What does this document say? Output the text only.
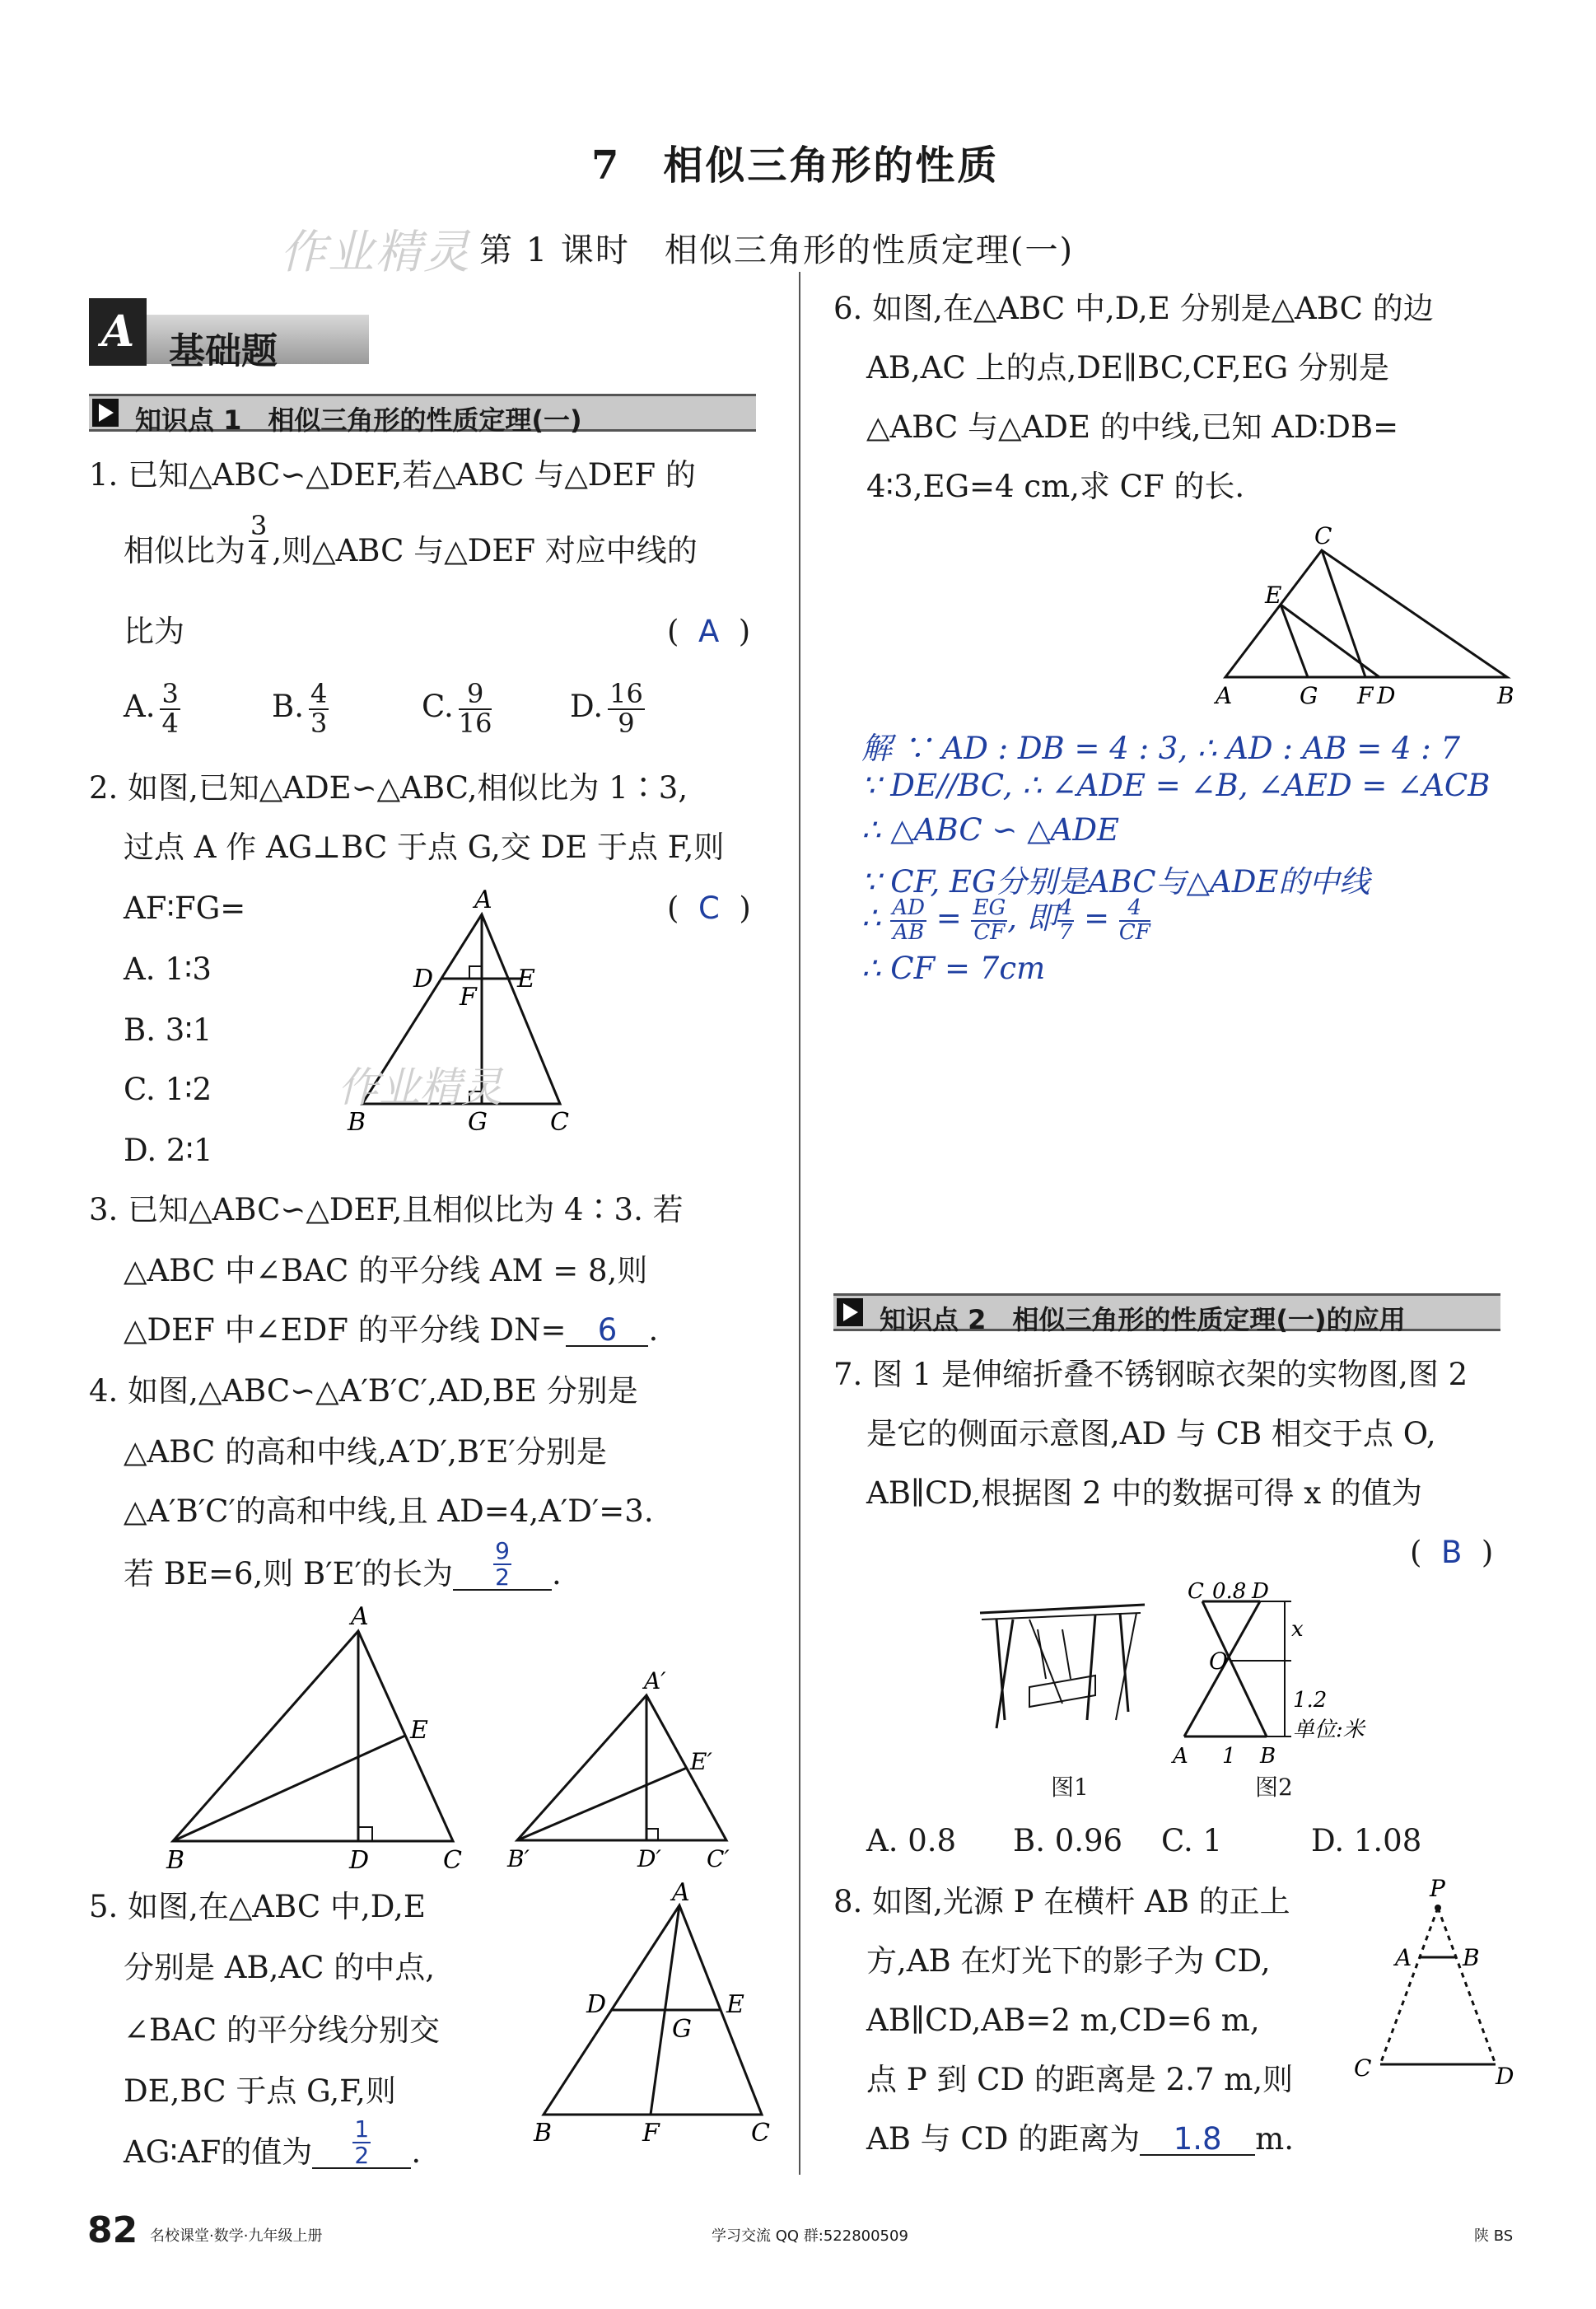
7　相似三角形的性质
作业精灵 第 1 课时　相似三角形的性质定理(一)
A 基础题
知识点 1　相似三角形的性质定理(一)
1. 已知△ABC∽△DEF,若△ABC 与△DEF 的
相似比为 $\frac{3}{4}$ ,则△ABC 与△DEF 对应中线的
比为	(  A  )
A. $\frac{3}{4}$	B. $\frac{4}{3}$	C. $\frac{9}{16}$	D. $\frac{16}{9}$
2. 如图,已知△ADE∽△ABC,相似比为 1∶3,
过点 A 作 AG⊥BC 于点 G,交 DE 于点 F,则
AF∶FG=	(  C  )
A. 1∶3
B. 3∶1
C. 1∶2
D. 2∶1
A
D	E
F
B	G	C
作业精灵
3. 已知△ABC∽△DEF,且相似比为 4∶3. 若
△ABC 中∠BAC 的平分线 AM = 8,则
△DEF 中∠EDF 的平分线 DN= 6 .
4. 如图,△ABC∽△A′B′C′,AD,BE 分别是
△ABC 的高和中线,A′D′,B′E′分别是
△A′B′C′的高和中线,且 AD=4,A′D′=3.
若 BE=6,则 B′E′的长为 $\frac{9}{2}$ .
A
E
B	D	C
A′
E′
B′	D′ C′
5. 如图,在△ABC 中,D,E
分别是 AB,AC 的中点,
∠BAC 的平分线分别交
DE,BC 于点 G,F,则
AG∶AF的值为 $\frac{1}{2}$ .
A
D	E
G
B	F	C
6. 如图,在△ABC 中,D,E 分别是△ABC 的边
AB,AC 上的点,DE∥BC,CF,EG 分别是
△ABC 与△ADE 的中线,已知 AD∶DB=
4∶3,EG=4 cm,求 CF 的长.
C
E
A	G F D	B
解 ∵ AD : DB = 4 : 3, ∴ AD : AB = 4 : 7
∵ DE//BC, ∴ ∠ADE = ∠B, ∠AED = ∠ACB
∴ △ABC ∽ △ADE
∵ CF, EG分别是ABC与△ADE的中线
∴ $\frac{AD}{AB} = \frac{EG}{CF}$ , 即 $\frac{4}{7} = \frac{4}{CF}$
∴ CF = 7cm
知识点 2　相似三角形的性质定理(一)的应用
7. 图 1 是伸缩折叠不锈钢晾衣架的实物图,图 2
是它的侧面示意图,AD 与 CB 相交于点 O,
AB∥CD,根据图 2 中的数据可得 x 的值为
(  B  )
C 0.8 D
O
x
1.2
单位:米
A 1 B
图1	图2
A. 0.8 B. 0.96 C. 1	D. 1.08
8. 如图,光源 P 在横杆 AB 的正上
方,AB 在灯光下的影子为 CD,
AB∥CD,AB=2 m,CD=6 m,
点 P 到 CD 的距离是 2.7 m,则
AB 与 CD 的距离为 1.8 m.
P
A B
C	D
82 名校课堂·数学·九年级上册	学习交流 QQ 群:522800509	陕 BS
